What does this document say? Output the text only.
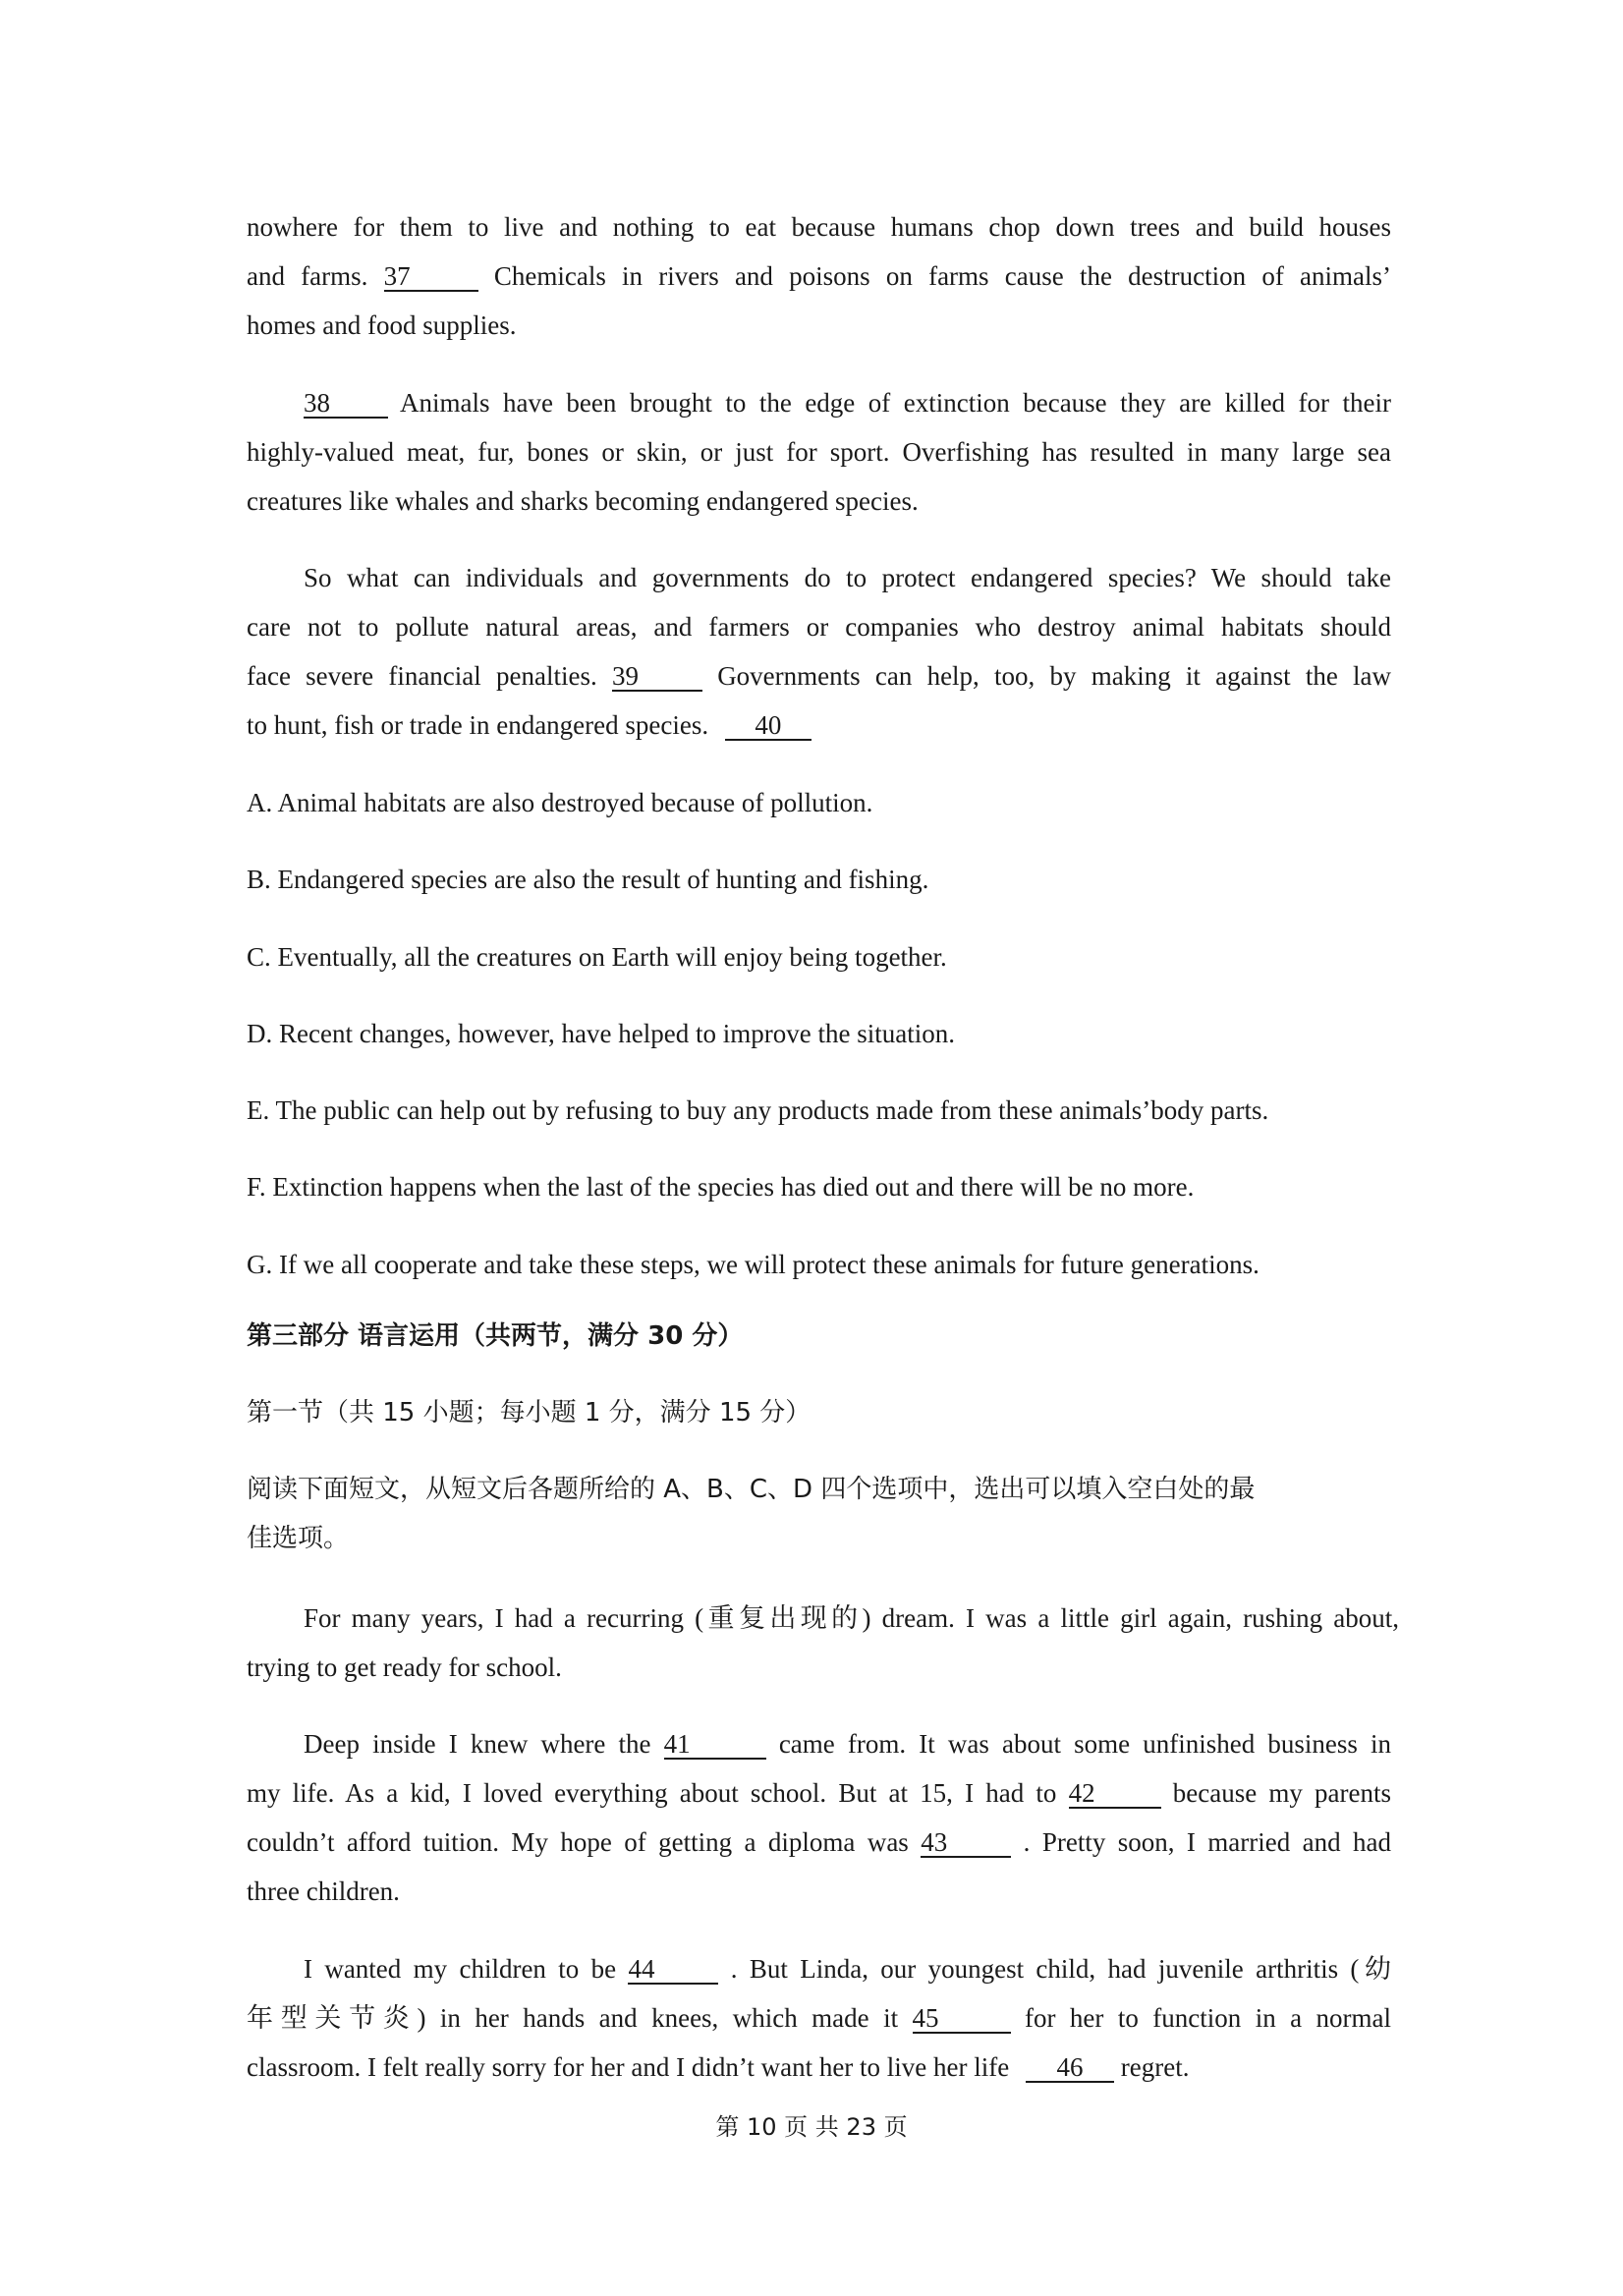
nowhere for them to live and nothing to eat because humans chop down trees and build houses
and farms. 37	Chemicals in rivers and poisons on farms cause the destruction of animals’
homes and food supplies.
38	Animals have been brought to the edge of extinction because they are killed for their
highly-valued meat, fur, bones or skin, or just for sport. Overfishing has resulted in many large sea
creatures like whales and sharks becoming endangered species.
So what can individuals and governments do to protect endangered species? We should take
care not to pollute natural areas, and farmers or companies who destroy animal habitats should
face severe financial penalties. 39	Governments can help, too, by making it against the law
to hunt, fish or trade in endangered species. 40
A. Animal habitats are also destroyed because of pollution.
B. Endangered species are also the result of hunting and fishing.
C. Eventually, all the creatures on Earth will enjoy being together.
D. Recent changes, however, have helped to improve the situation.
E. The public can help out by refusing to buy any products made from these animals’body parts.
F. Extinction happens when the last of the species has died out and there will be no more.
G. If we all cooperate and take these steps, we will protect these animals for future generations.
第三部分 语言运用（共两节，满分 30 分）
第一节（共 15 小题；每小题 1 分，满分 15 分）
阅读下面短文，从短文后各题所给的 A、B、C、D 四个选项中，选出可以填入空白处的最
佳选项。
For many years, I had a recurring (重复出现的) dream. I was a little girl again, rushing about,
trying to get ready for school.
Deep inside I knew where the 41	came from. It was about some unfinished business in
my life. As a kid, I loved everything about school. But at 15, I had to 42	because my parents
couldn’t afford tuition. My hope of getting a diploma was 43	. Pretty soon, I married and had
three children.
I wanted my children to be 44	. But Linda, our youngest child, had juvenile arthritis (幼
年型关节炎) in her hands and knees, which made it 45	for her to function in a normal
classroom. I felt really sorry for her and I didn’t want her to live her life 46 regret.
第 10 页 共 23 页
